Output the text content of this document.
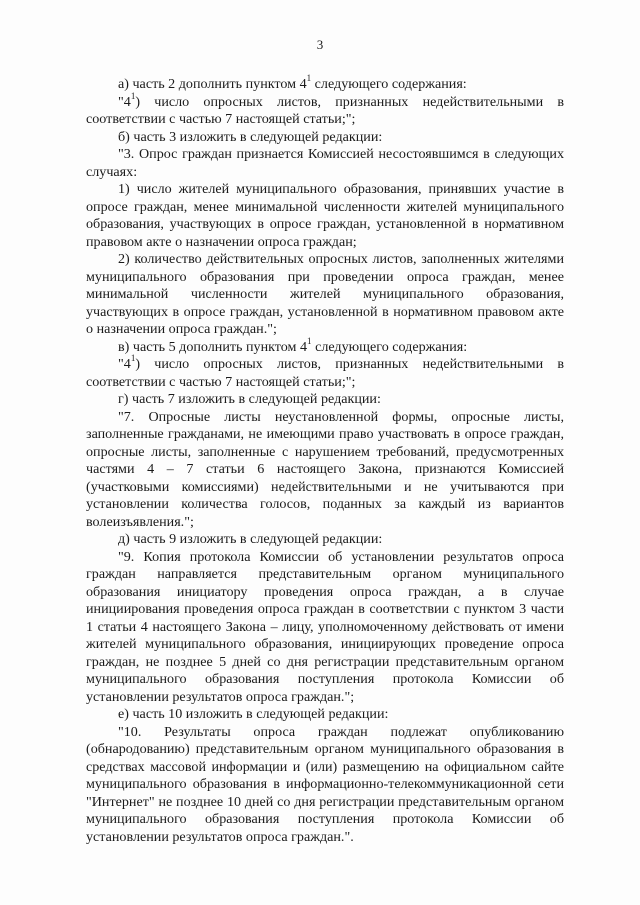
3

а) часть 2 дополнить пунктом $4^1$ следующего содержания:

"$4^1$) число опросных листов, признанных недействительными в соответствии с частью 7 настоящей статьи;";

б) часть 3 изложить в следующей редакции:

"3. Опрос граждан признается Комиссией несостоявшимся в следующих случаях:

1) число жителей муниципального образования, принявших участие в опросе граждан, менее минимальной численности жителей муниципального образования, участвующих в опросе граждан, установленной в нормативном правовом акте о назначении опроса граждан;

2) количество действительных опросных листов, заполненных жителями муниципального образования при проведении опроса граждан, менее минимальной численности жителей муниципального образования, участвующих в опросе граждан, установленной в нормативном правовом акте о назначении опроса граждан.";

в) часть 5 дополнить пунктом $4^1$ следующего содержания:

"$4^1$) число опросных листов, признанных недействительными в соответствии с частью 7 настоящей статьи;";

г) часть 7 изложить в следующей редакции:

"7. Опросные листы неустановленной формы, опросные листы, заполненные гражданами, не имеющими право участвовать в опросе граждан, опросные листы, заполненные с нарушением требований, предусмотренных частями 4 – 7 статьи 6 настоящего Закона, признаются Комиссией (участковыми комиссиями) недействительными и не учитываются при установлении количества голосов, поданных за каждый из вариантов волеизъявления.";

д) часть 9 изложить в следующей редакции:

"9. Копия протокола Комиссии об установлении результатов опроса граждан направляется представительным органом муниципального образования инициатору проведения опроса граждан, а в случае инициирования проведения опроса граждан в соответствии с пунктом 3 части 1 статьи 4 настоящего Закона – лицу, уполномоченному действовать от имени жителей муниципального образования, инициирующих проведение опроса граждан, не позднее 5 дней со дня регистрации представительным органом муниципального образования поступления протокола Комиссии об установлении результатов опроса граждан.";

е) часть 10 изложить в следующей редакции:

"10. Результаты опроса граждан подлежат опубликованию (обнародованию) представительным органом муниципального образования в средствах массовой информации и (или) размещению на официальном сайте муниципального образования в информационно-телекоммуникационной сети "Интернет" не позднее 10 дней со дня регистрации представительным органом муниципального образования поступления протокола Комиссии об установлении результатов опроса граждан.".
